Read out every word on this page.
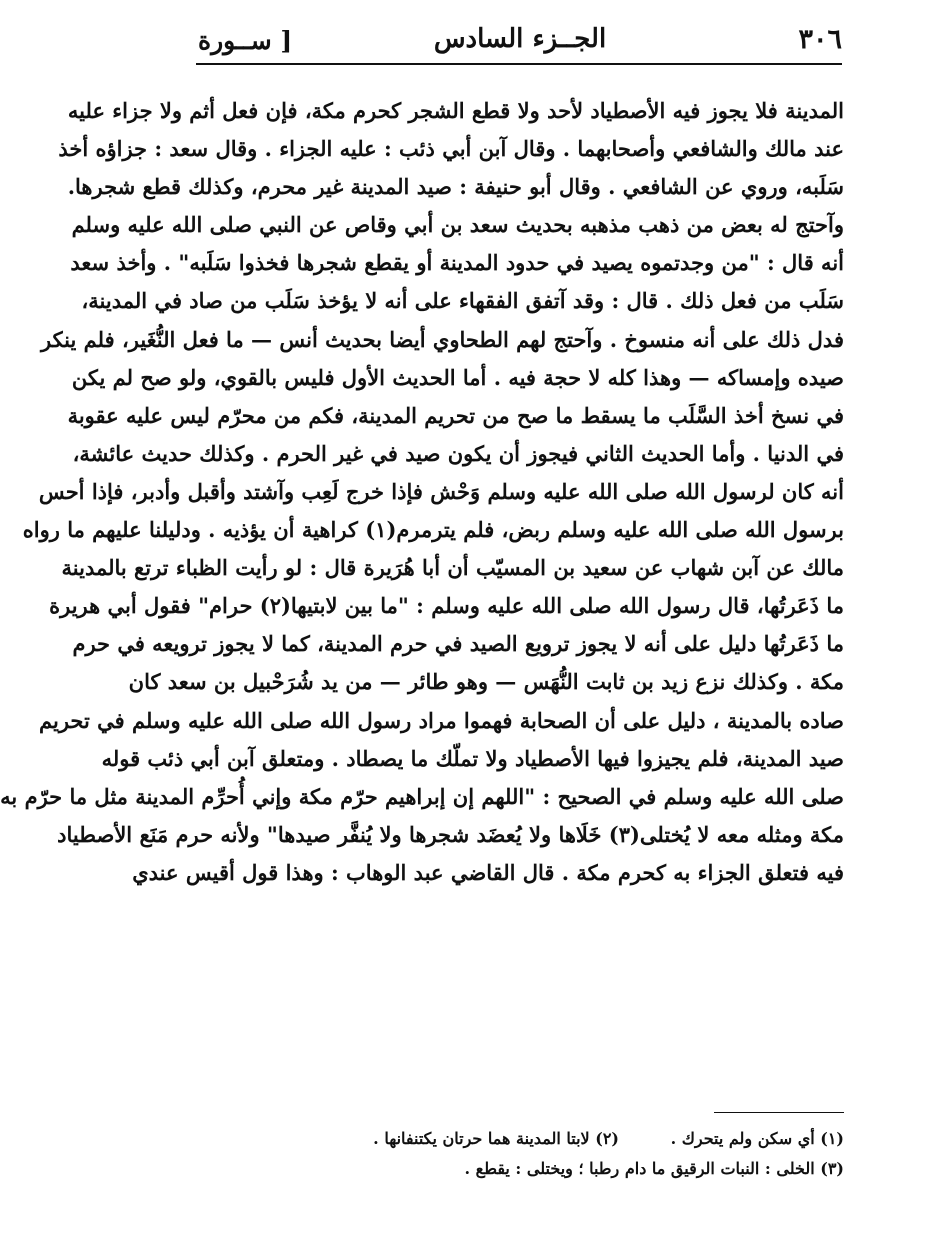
٣٠٦
الجــزء السادس
[ ســورة
المدينة فلا يجوز فيه الأصطياد لأحد ولا قطع الشجر كحرم مكة، فإن فعل أثم ولا جزاء عليه
عند مالك والشافعي وأصحابهما . وقال آبن أبي ذئب : عليه الجزاء . وقال سعد : جزاؤه أخذ
سَلَبه، وروي عن الشافعي . وقال أبو حنيفة : صيد المدينة غير محرم، وكذلك قطع شجرها.
وآحتج له بعض من ذهب مذهبه بحديث سعد بن أبي وقاص عن النبي صلى الله عليه وسلم
أنه قال : "من وجدتموه يصيد في حدود المدينة أو يقطع شجرها فخذوا سَلَبه" . وأخذ سعد
سَلَب من فعل ذلك . قال : وقد آتفق الفقهاء على أنه لا يؤخذ سَلَب من صاد في المدينة،
فدل ذلك على أنه منسوخ . وآحتج لهم الطحاوي أيضا بحديث أنس — ما فعل النُّغَير، فلم ينكر
صيده وإمساكه — وهذا كله لا حجة فيه . أما الحديث الأول فليس بالقوي، ولو صح لم يكن
في نسخ أخذ السَّلَب ما يسقط ما صح من تحريم المدينة، فكم من محرّم ليس عليه عقوبة
في الدنيا . وأما الحديث الثاني فيجوز أن يكون صيد في غير الحرم . وكذلك حديث عائشة،
أنه كان لرسول الله صلى الله عليه وسلم وَحْش فإذا خرج لَعِب وآشتد وأقبل وأدبر، فإذا أحس
برسول الله صلى الله عليه وسلم ربض، فلم يترمرم(١) كراهية أن يؤذيه . ودليلنا عليهم ما رواه
مالك عن آبن شهاب عن سعيد بن المسيّب أن أبا هُرَيرة قال : لو رأيت الظباء ترتع بالمدينة
ما ذَعَرتُها، قال رسول الله صلى الله عليه وسلم : "ما بين لابتيها(٢) حرام" فقول أبي هريرة
ما ذَعَرتُها دليل على أنه لا يجوز ترويع الصيد في حرم المدينة، كما لا يجوز ترويعه في حرم
مكة . وكذلك نزع زيد بن ثابت النُّهَس — وهو طائر — من يد شُرَحْبيل بن سعد كان
صاده بالمدينة ، دليل على أن الصحابة فهموا مراد رسول الله صلى الله عليه وسلم في تحريم
صيد المدينة، فلم يجيزوا فيها الأصطياد ولا تملّك ما يصطاد . ومتعلق آبن أبي ذئب قوله
صلى الله عليه وسلم في الصحيح : "اللهم إن إبراهيم حرّم مكة وإني أُحرِّم المدينة مثل ما حرّم به
مكة ومثله معه لا يُختلى(٣) خَلَاها ولا يُعضَد شجرها ولا يُنفَّر صيدها" ولأنه حرم مَنَع الأصطياد
فيه فتعلق الجزاء به كحرم مكة . قال القاضي عبد الوهاب : وهذا قول أقيس عندي
(١) أي سكن ولم يتحرك .
(٢) لابتا المدينة هما حرتان يكتنفانها .
(٣) الخلى : النبات الرقيق ما دام رطبا ؛ ويختلى : يقطع .
